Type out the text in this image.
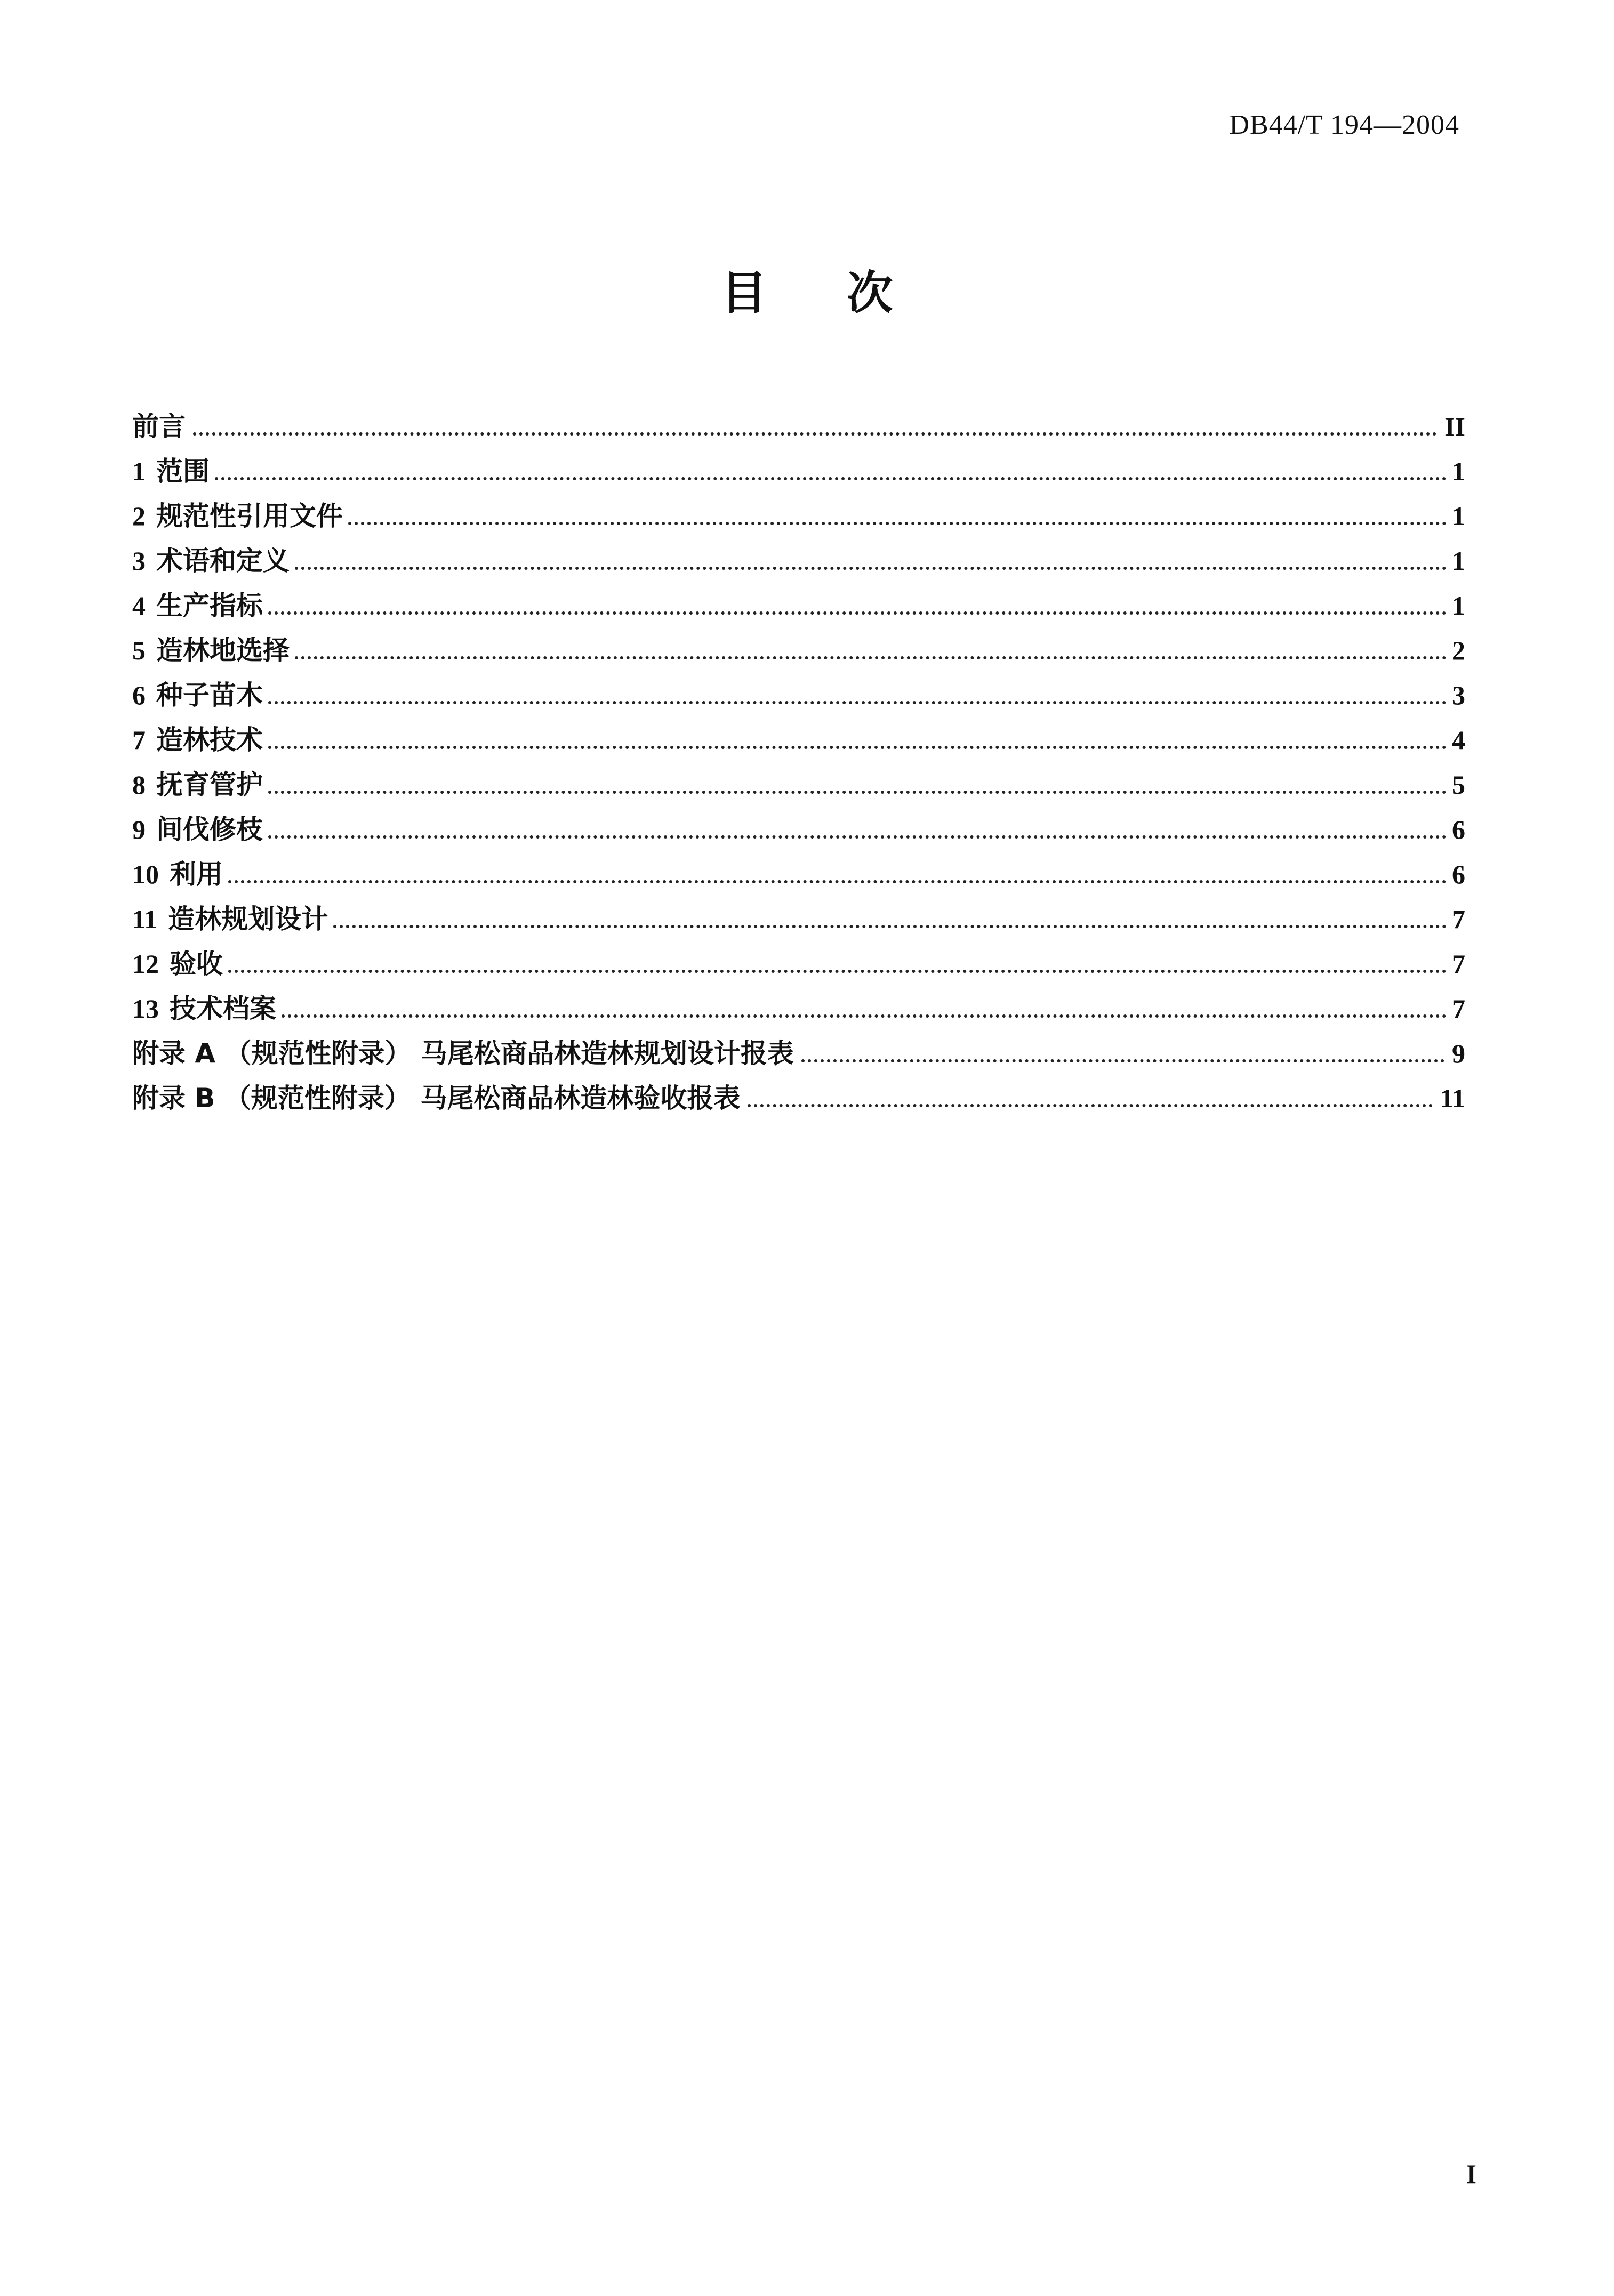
DB44/T 194—2004
目次
前言	II
1 范围	1
2 规范性引用文件	1
3 术语和定义	1
4 生产指标	1
5 造林地选择	2
6 种子苗木	3
7 造林技术	4
8 抚育管护	5
9 间伐修枝	6
10 利用	6
11 造林规划设计	7
12 验收	7
13 技术档案	7
附录 A （规范性附录） 马尾松商品林造林规划设计报表	9
附录 B （规范性附录） 马尾松商品林造林验收报表	11
I
